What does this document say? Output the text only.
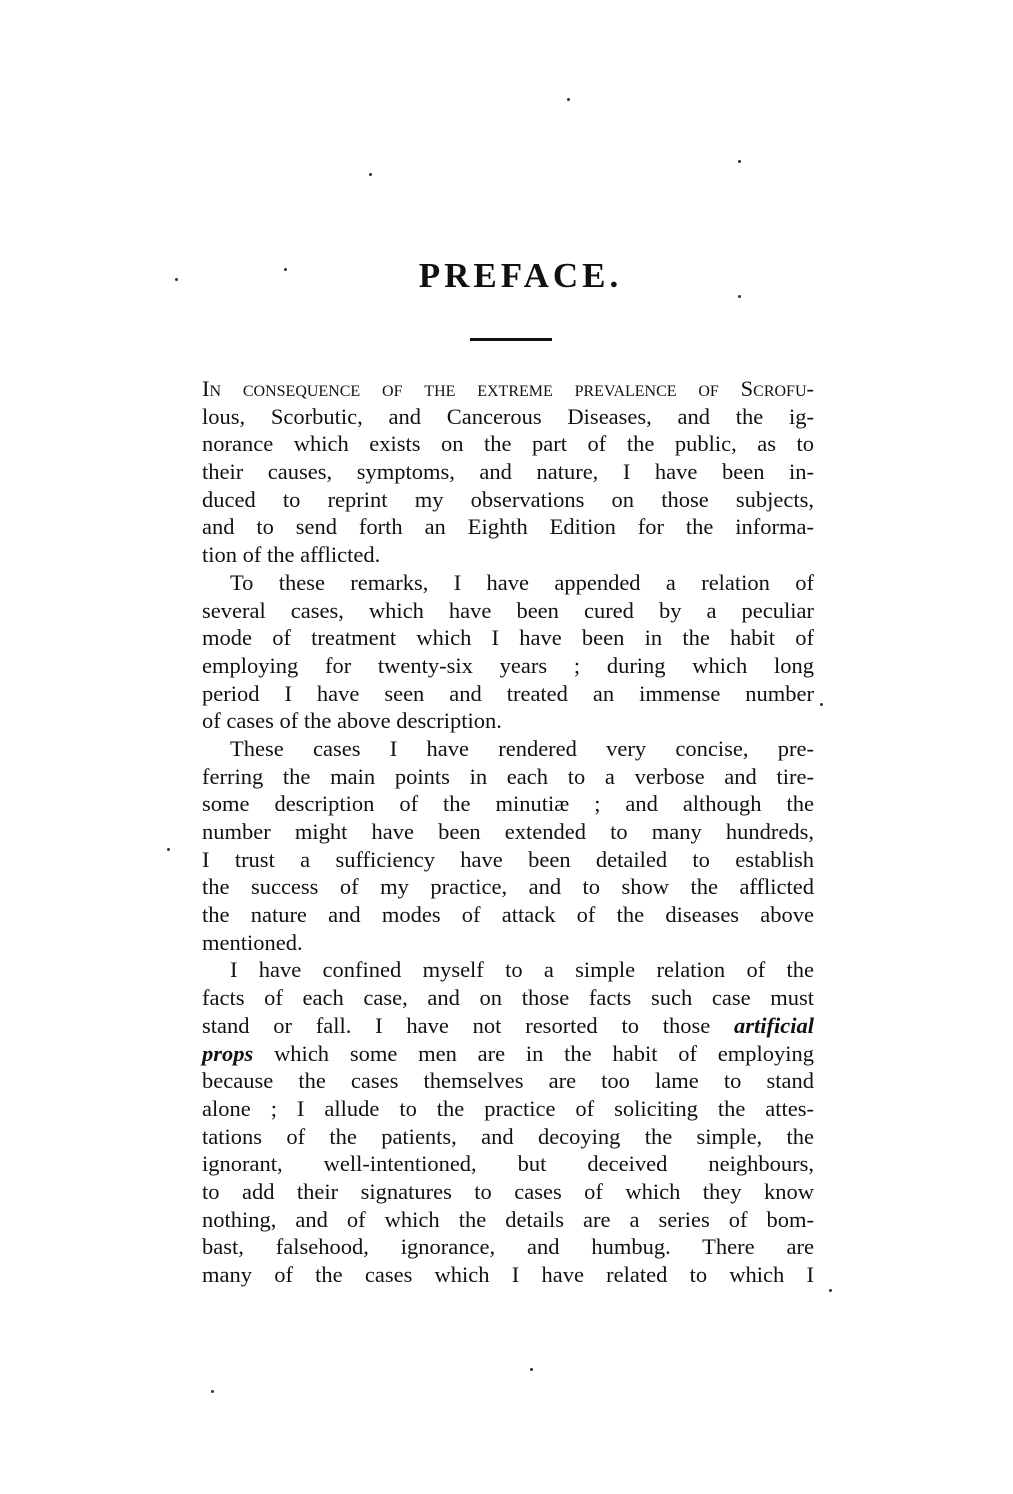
PREFACE.
In consequence of the extreme prevalence of Scrofu-
lous, Scorbutic, and Cancerous Diseases, and the ig-
norance which exists on the part of the public, as to
their causes, symptoms, and nature, I have been in-
duced to reprint my observations on those subjects,
and to send forth an Eighth Edition for the informa-
tion of the afflicted.
To these remarks, I have appended a relation of
several cases, which have been cured by a peculiar
mode of treatment which I have been in the habit of
employing for twenty-six years ; during which long
period I have seen and treated an immense number
of cases of the above description.
These cases I have rendered very concise, pre-
ferring the main points in each to a verbose and tire-
some description of the minutiæ ; and although the
number might have been extended to many hundreds,
I trust a sufficiency have been detailed to establish
the success of my practice, and to show the afflicted
the nature and modes of attack of the diseases above
mentioned.
I have confined myself to a simple relation of the
facts of each case, and on those facts such case must
stand or fall. I have not resorted to those artificial
props which some men are in the habit of employing
because the cases themselves are too lame to stand
alone ; I allude to the practice of soliciting the attes-
tations of the patients, and decoying the simple, the
ignorant, well-intentioned, but deceived neighbours,
to add their signatures to cases of which they know
nothing, and of which the details are a series of bom-
bast, falsehood, ignorance, and humbug. There are
many of the cases which I have related to which I
